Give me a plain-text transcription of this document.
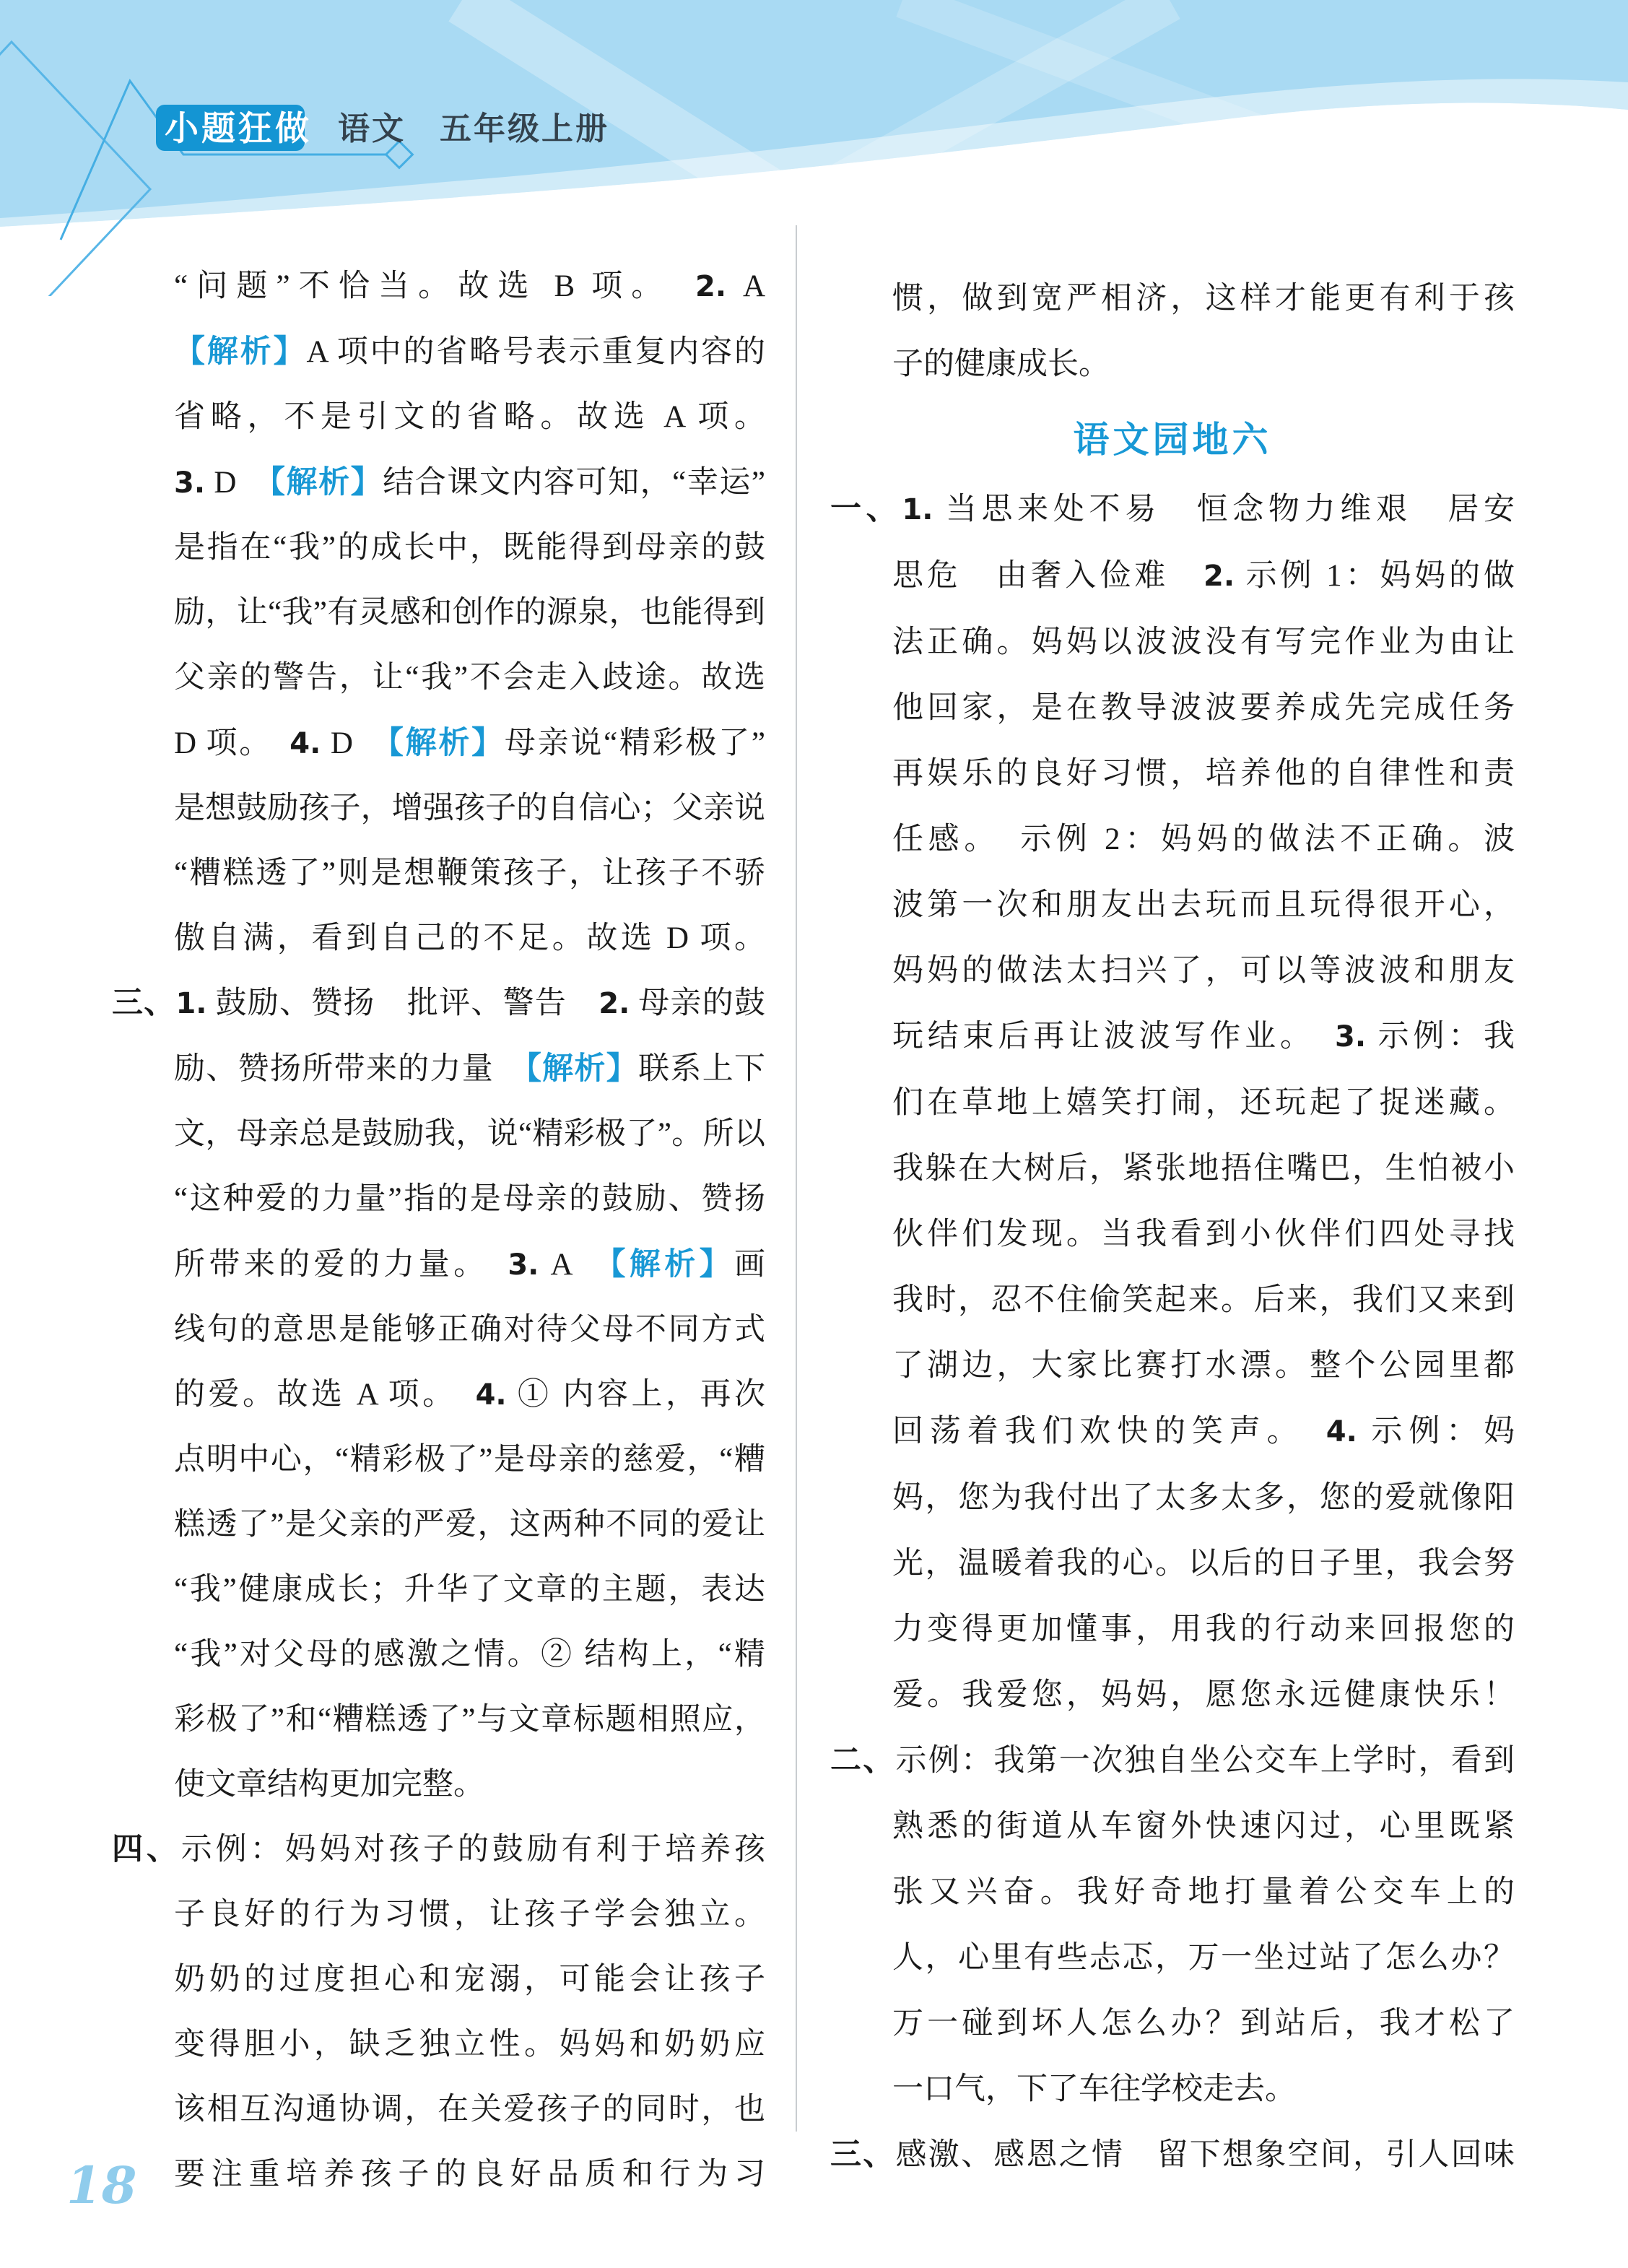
小题狂做 语文　五年级上册
“问题”不恰当。故选 B 项。　2. A
【解析】A 项中的省略号表示重复内容的
省略，不是引文的省略。故选 A 项。
3. D　【解析】结合课文内容可知，“幸运”
是指在“我”的成长中，既能得到母亲的鼓
励，让“我”有灵感和创作的源泉，也能得到
父亲的警告，让“我”不会走入歧途。故选
D 项。　4. D　【解析】母亲说“精彩极了”
是想鼓励孩子，增强孩子的自信心；父亲说
“糟糕透了”则是想鞭策孩子，让孩子不骄
傲自满，看到自己的不足。故选 D 项。
三、1. 鼓励、赞扬　批评、警告　2. 母亲的鼓
励、赞扬所带来的力量　【解析】联系上下
文，母亲总是鼓励我，说“精彩极了”。所以
“这种爱的力量”指的是母亲的鼓励、赞扬
所带来的爱的力量。　3. A　【解析】画
线句的意思是能够正确对待父母不同方式
的爱。故选 A 项。　4. ① 内容上，再次
点明中心，“精彩极了”是母亲的慈爱，“糟
糕透了”是父亲的严爱，这两种不同的爱让
“我”健康成长；升华了文章的主题，表达
“我”对父母的感激之情。② 结构上，“精
彩极了”和“糟糕透了”与文章标题相照应，
使文章结构更加完整。
四、示例：妈妈对孩子的鼓励有利于培养孩
子良好的行为习惯，让孩子学会独立。
奶奶的过度担心和宠溺，可能会让孩子
变得胆小，缺乏独立性。妈妈和奶奶应
该相互沟通协调，在关爱孩子的同时，也
要注重培养孩子的良好品质和行为习
惯，做到宽严相济，这样才能更有利于孩
子的健康成长。
语文园地六
一、1. 当思来处不易　恒念物力维艰　居安
思危　由奢入俭难　2. 示例 1：妈妈的做
法正确。妈妈以波波没有写完作业为由让
他回家，是在教导波波要养成先完成任务
再娱乐的良好习惯，培养他的自律性和责
任感。　示例 2：妈妈的做法不正确。波
波第一次和朋友出去玩而且玩得很开心，
妈妈的做法太扫兴了，可以等波波和朋友
玩结束后再让波波写作业。　3. 示例：我
们在草地上嬉笑打闹，还玩起了捉迷藏。
我躲在大树后，紧张地捂住嘴巴，生怕被小
伙伴们发现。当我看到小伙伴们四处寻找
我时，忍不住偷笑起来。后来，我们又来到
了湖边，大家比赛打水漂。整个公园里都
回荡着我们欢快的笑声。　4. 示例：妈
妈，您为我付出了太多太多，您的爱就像阳
光，温暖着我的心。以后的日子里，我会努
力变得更加懂事，用我的行动来回报您的
爱。我爱您，妈妈，愿您永远健康快乐！
二、示例：我第一次独自坐公交车上学时，看到
熟悉的街道从车窗外快速闪过，心里既紧
张又兴奋。我好奇地打量着公交车上的
人，心里有些忐忑，万一坐过站了怎么办？
万一碰到坏人怎么办？到站后，我才松了
一口气，下了车往学校走去。
三、感激、感恩之情　留下想象空间，引人回味
18
